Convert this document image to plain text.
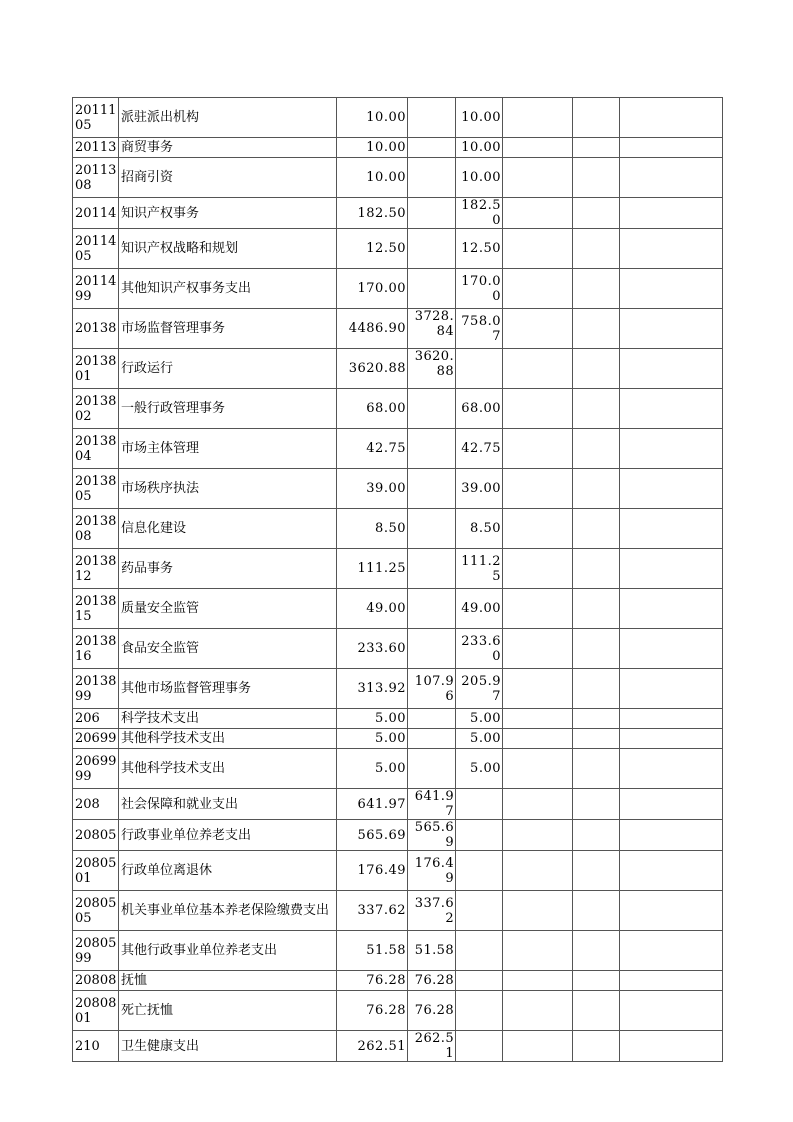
2011105	派驻派出机构	10.00		10.00			
20113	商贸事务	10.00		10.00			
2011308	招商引资	10.00		10.00			
20114	知识产权事务	182.50		182.50			
2011405	知识产权战略和规划	12.50		12.50			
2011499	其他知识产权事务支出	170.00		170.00			
20138	市场监督管理事务	4486.90	3728.84	758.07			
2013801	行政运行	3620.88	3620.88				
2013802	一般行政管理事务	68.00		68.00			
2013804	市场主体管理	42.75		42.75			
2013805	市场秩序执法	39.00		39.00			
2013808	信息化建设	8.50		8.50			
2013812	药品事务	111.25		111.25			
2013815	质量安全监管	49.00		49.00			
2013816	食品安全监管	233.60		233.60			
2013899	其他市场监督管理事务	313.92	107.96	205.97			
206	科学技术支出	5.00		5.00			
20699	其他科学技术支出	5.00		5.00			
2069999	其他科学技术支出	5.00		5.00			
208	社会保障和就业支出	641.97	641.97				
20805	行政事业单位养老支出	565.69	565.69				
2080501	行政单位离退休	176.49	176.49				
2080505	机关事业单位基本养老保险缴费支出	337.62	337.62				
2080599	其他行政事业单位养老支出	51.58	51.58				
20808	抚恤	76.28	76.28				
2080801	死亡抚恤	76.28	76.28				
210	卫生健康支出	262.51	262.51				
